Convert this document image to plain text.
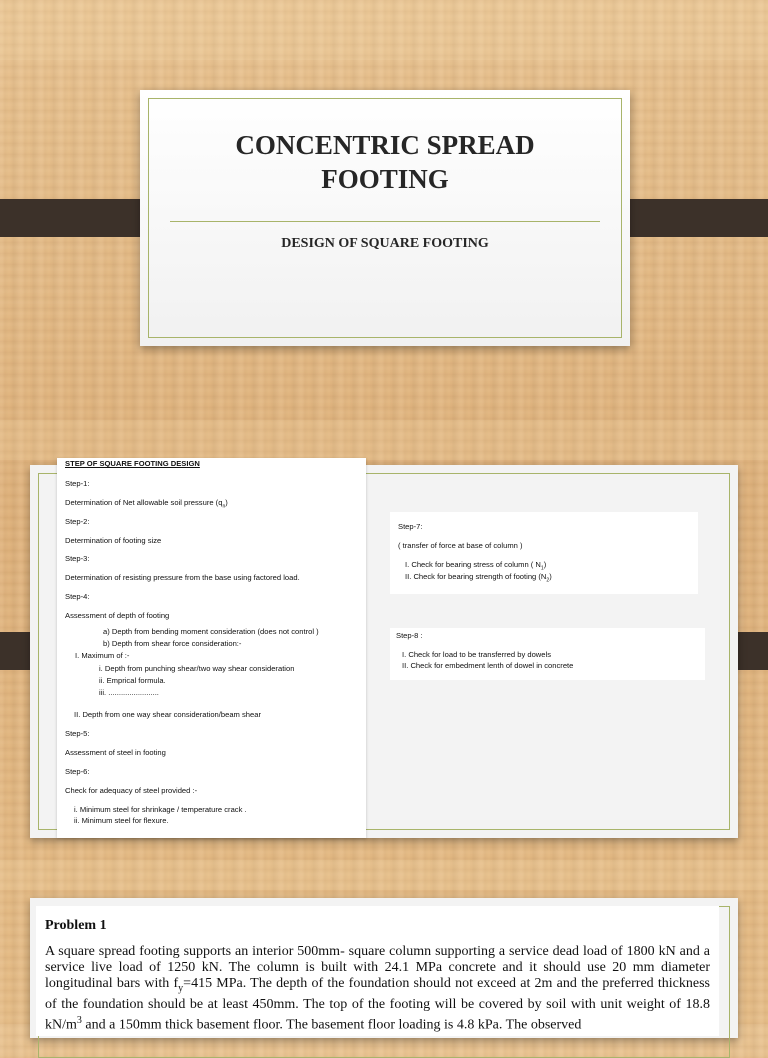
CONCENTRIC SPREAD
FOOTING
DESIGN OF SQUARE FOOTING
STEP OF SQUARE FOOTING DESIGN
Step-1:
Determination of Net allowable soil pressure $(q_n)$
Step-2:
Determination of footing size
Step-3:
Determination of resisting pressure from the base using factored load.
Step-4:
Assessment of depth of footing
a) Depth from bending moment consideration (does not control )
b) Depth from shear force consideration:-
I. Maximum of :-
i. Depth from punching shear/two way shear consideration
ii. Emprical formula.
iii. ........................
II. Depth from one way shear consideration/beam shear
Step-5:
Assessment of steel in footing
Step-6:
Check for adequacy of steel provided :-
i. Minimum steel for shrinkage / temperature crack .
ii. Minimum steel for flexure.
Step-7:
( transfer of force at base of column )
I. Check for bearing stress of column ( $N_1$)
II. Check for bearing strength of footing $(N_2)$
Step-8 :
I. Check for load to be transferred by dowels
II. Check for embedment lenth of dowel in concrete
Problem 1
A square spread footing supports an interior 500mm- square column supporting a service dead load of 1800 kN and a service live load of 1250 kN. The column is built with 24.1 MPa concrete and it should use 20 mm diameter longitudinal bars with $f_y=415$ MPa. The depth of the foundation should not exceed at 2m and the preferred thickness of the foundation should be at least 450mm. The top of the footing will be covered by soil with unit weight of 18.8 $kN/m^3$ and a 150mm thick basement floor. The basement floor loading is 4.8 kPa. The observed
